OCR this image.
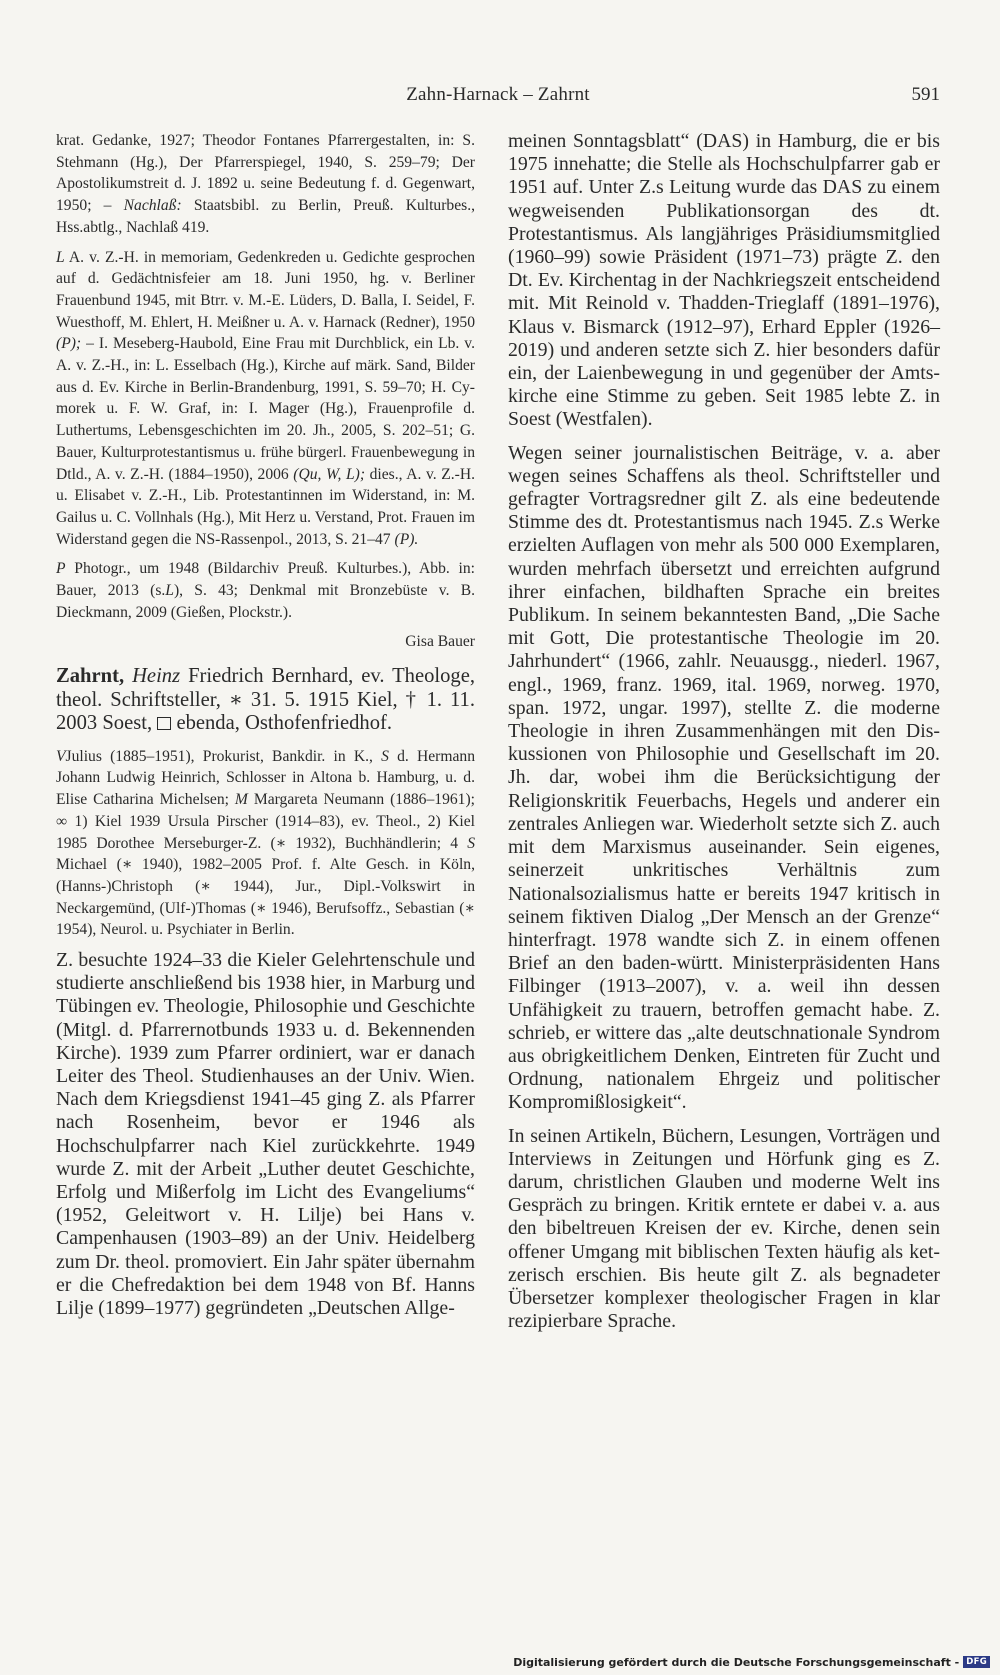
Zahn-Harnack – Zahrnt	591

krat. Gedanke, 1927; Theodor Fontanes Pfarrergestalten, in: S. Stehmann (Hg.), Der Pfarrerspiegel, 1940, S. 259–79; Der Apostolikumstreit d. J. 1892 u. seine Bedeutung f. d. Gegenwart, 1950; – Nachlaß: Staatsbibl. zu Berlin, Preuß. Kulturbes., Hss.abtlg., Nachlaß 419.

L A. v. Z.-H. in memoriam, Gedenkreden u. Gedichte gesprochen auf d. Gedächtnisfeier am 18. Juni 1950, hg. v. Berliner Frauenbund 1945, mit Btrr. v. M.-E. Lüders, D. Balla, I. Seidel, F. Wuesthoff, M. Ehlert, H. Meißner u. A. v. Harnack (Redner), 1950 (P); – I. Meseberg-Haubold, Eine Frau mit Durchblick, ein Lb. v. A. v. Z.-H., in: L. Esselbach (Hg.), Kirche auf märk. Sand, Bilder aus d. Ev. Kirche in Berlin-Brandenburg, 1991, S. 59–70; H. Cymorek u. F. W. Graf, in: I. Mager (Hg.), Frauenprofile d. Luthertums, Lebensgeschichten im 20. Jh., 2005, S. 202–51; G. Bauer, Kulturprotestantismus u. frühe bürgerl. Frauenbewegung in Dtld., A. v. Z.-H. (1884–1950), 2006 (Qu, W, L); dies., A. v. Z.-H. u. Elisabet v. Z.-H., Lib. Protestantinnen im Widerstand, in: M. Gailus u. C. Vollnhals (Hg.), Mit Herz u. Verstand, Prot. Frauen im Widerstand gegen die NS-Rassenpol., 2013, S. 21–47 (P).

P Photogr., um 1948 (Bildarchiv Preuß. Kulturbes.), Abb. in: Bauer, 2013 (s.L), S. 43; Denkmal mit Bronzebüste v. B. Dieckmann, 2009 (Gießen, Plockstr.).

Gisa Bauer

Zahrnt, Heinz Friedrich Bernhard, ev. Theologe, theol. Schriftsteller, ∗ 31. 5. 1915 Kiel, † 1. 11. 2003 Soest, ebenda, Osthofenfriedhof.

VJulius (1885–1951), Prokurist, Bankdir. in K., S d. Hermann Johann Ludwig Heinrich, Schlosser in Altona b. Hamburg, u. d. Elise Catharina Michelsen; M Margareta Neumann (1886–1961); ∞ 1) Kiel 1939 Ursula Pirscher (1914–83), ev. Theol., 2) Kiel 1985 Dorothee Merseburger-Z. (∗ 1932), Buchhändlerin; 4 S Michael (∗ 1940), 1982–2005 Prof. f. Alte Gesch. in Köln, (Hanns-)Christoph (∗ 1944), Jur., Dipl.-Volkswirt in Neckargemünd, (Ulf-)Thomas (∗ 1946), Berufsoffz., Sebastian (∗ 1954), Neurol. u. Psychiater in Berlin.

Z. besuchte 1924–33 die Kieler Gelehrtenschule und studierte anschließend bis 1938 hier, in Marburg und Tübingen ev. Theologie, Philosophie und Geschichte (Mitgl. d. Pfarrernotbunds 1933 u. d. Bekennenden Kirche). 1939 zum Pfarrer ordiniert, war er danach Leiter des Theol. Studienhauses an der Univ. Wien. Nach dem Kriegsdienst 1941–45 ging Z. als Pfarrer nach Rosenheim, bevor er 1946 als Hochschulpfarrer nach Kiel zurückkehrte. 1949 wurde Z. mit der Arbeit „Luther deutet Geschichte, Erfolg und Mißerfolg im Licht des Evangeliums“ (1952, Geleitwort v. H. Lilje) bei Hans v. Campenhausen (1903–89) an der Univ. Heidelberg zum Dr. theol. promoviert. Ein Jahr später übernahm er die Chefredaktion bei dem 1948 von Bf. Hanns Lilje (1899–1977) gegründeten „Deutschen Allge-

meinen Sonntagsblatt“ (DAS) in Hamburg, die er bis 1975 innehatte; die Stelle als Hochschulpfarrer gab er 1951 auf. Unter Z.s Leitung wurde das DAS zu einem wegweisenden Publikationsorgan des dt. Protestantismus. Als langjähriges Präsidiumsmitglied (1960–99) sowie Präsident (1971–73) prägte Z. den Dt. Ev. Kirchentag in der Nachkriegszeit entscheidend mit. Mit Reinold v. Thadden-Trieglaff (1891–1976), Klaus v. Bismarck (1912–97), Erhard Eppler (1926–2019) und anderen setzte sich Z. hier besonders dafür ein, der Laienbewegung in und gegenüber der Amtskirche eine Stimme zu geben. Seit 1985 lebte Z. in Soest (Westfalen).

Wegen seiner journalistischen Beiträge, v. a. aber wegen seines Schaffens als theol. Schriftsteller und gefragter Vortragsredner gilt Z. als eine bedeutende Stimme des dt. Protestantismus nach 1945. Z.s Werke erzielten Auflagen von mehr als 500 000 Exemplaren, wurden mehrfach übersetzt und erreichten aufgrund ihrer einfachen, bildhaften Sprache ein breites Publikum. In seinem bekanntesten Band, „Die Sache mit Gott, Die protestantische Theologie im 20. Jahrhundert“ (1966, zahlr. Neuausgg., niederl. 1967, engl., 1969, franz. 1969, ital. 1969, norweg. 1970, span. 1972, ungar. 1997), stellte Z. die moderne Theologie in ihren Zusammenhängen mit den Diskussionen von Philosophie und Gesellschaft im 20. Jh. dar, wobei ihm die Berücksichtigung der Religionskritik Feuerbachs, Hegels und anderer ein zentrales Anliegen war. Wiederholt setzte sich Z. auch mit dem Marxismus auseinander. Sein eigenes, seinerzeit unkritisches Verhältnis zum Nationalsozialismus hatte er bereits 1947 kritisch in seinem fiktiven Dialog „Der Mensch an der Grenze“ hinterfragt. 1978 wandte sich Z. in einem offenen Brief an den baden-württ. Ministerpräsidenten Hans Filbinger (1913–2007), v. a. weil ihn dessen Unfähigkeit zu trauern, betroffen gemacht habe. Z. schrieb, er wittere das „alte deutschnationale Syndrom aus obrigkeitlichem Denken, Eintreten für Zucht und Ordnung, nationalem Ehrgeiz und politischer Kompromißlosigkeit“.

In seinen Artikeln, Büchern, Lesungen, Vorträgen und Interviews in Zeitungen und Hörfunk ging es Z. darum, christlichen Glauben und moderne Welt ins Gespräch zu bringen. Kritik erntete er dabei v. a. aus den bibeltreuen Kreisen der ev. Kirche, denen sein offener Umgang mit biblischen Texten häufig als ketzerisch erschien. Bis heute gilt Z. als begnadeter Übersetzer komplexer theologischer Fragen in klar rezipierbare Sprache.

Digitalisierung gefördert durch die Deutsche Forschungsgemeinschaft - DFG
